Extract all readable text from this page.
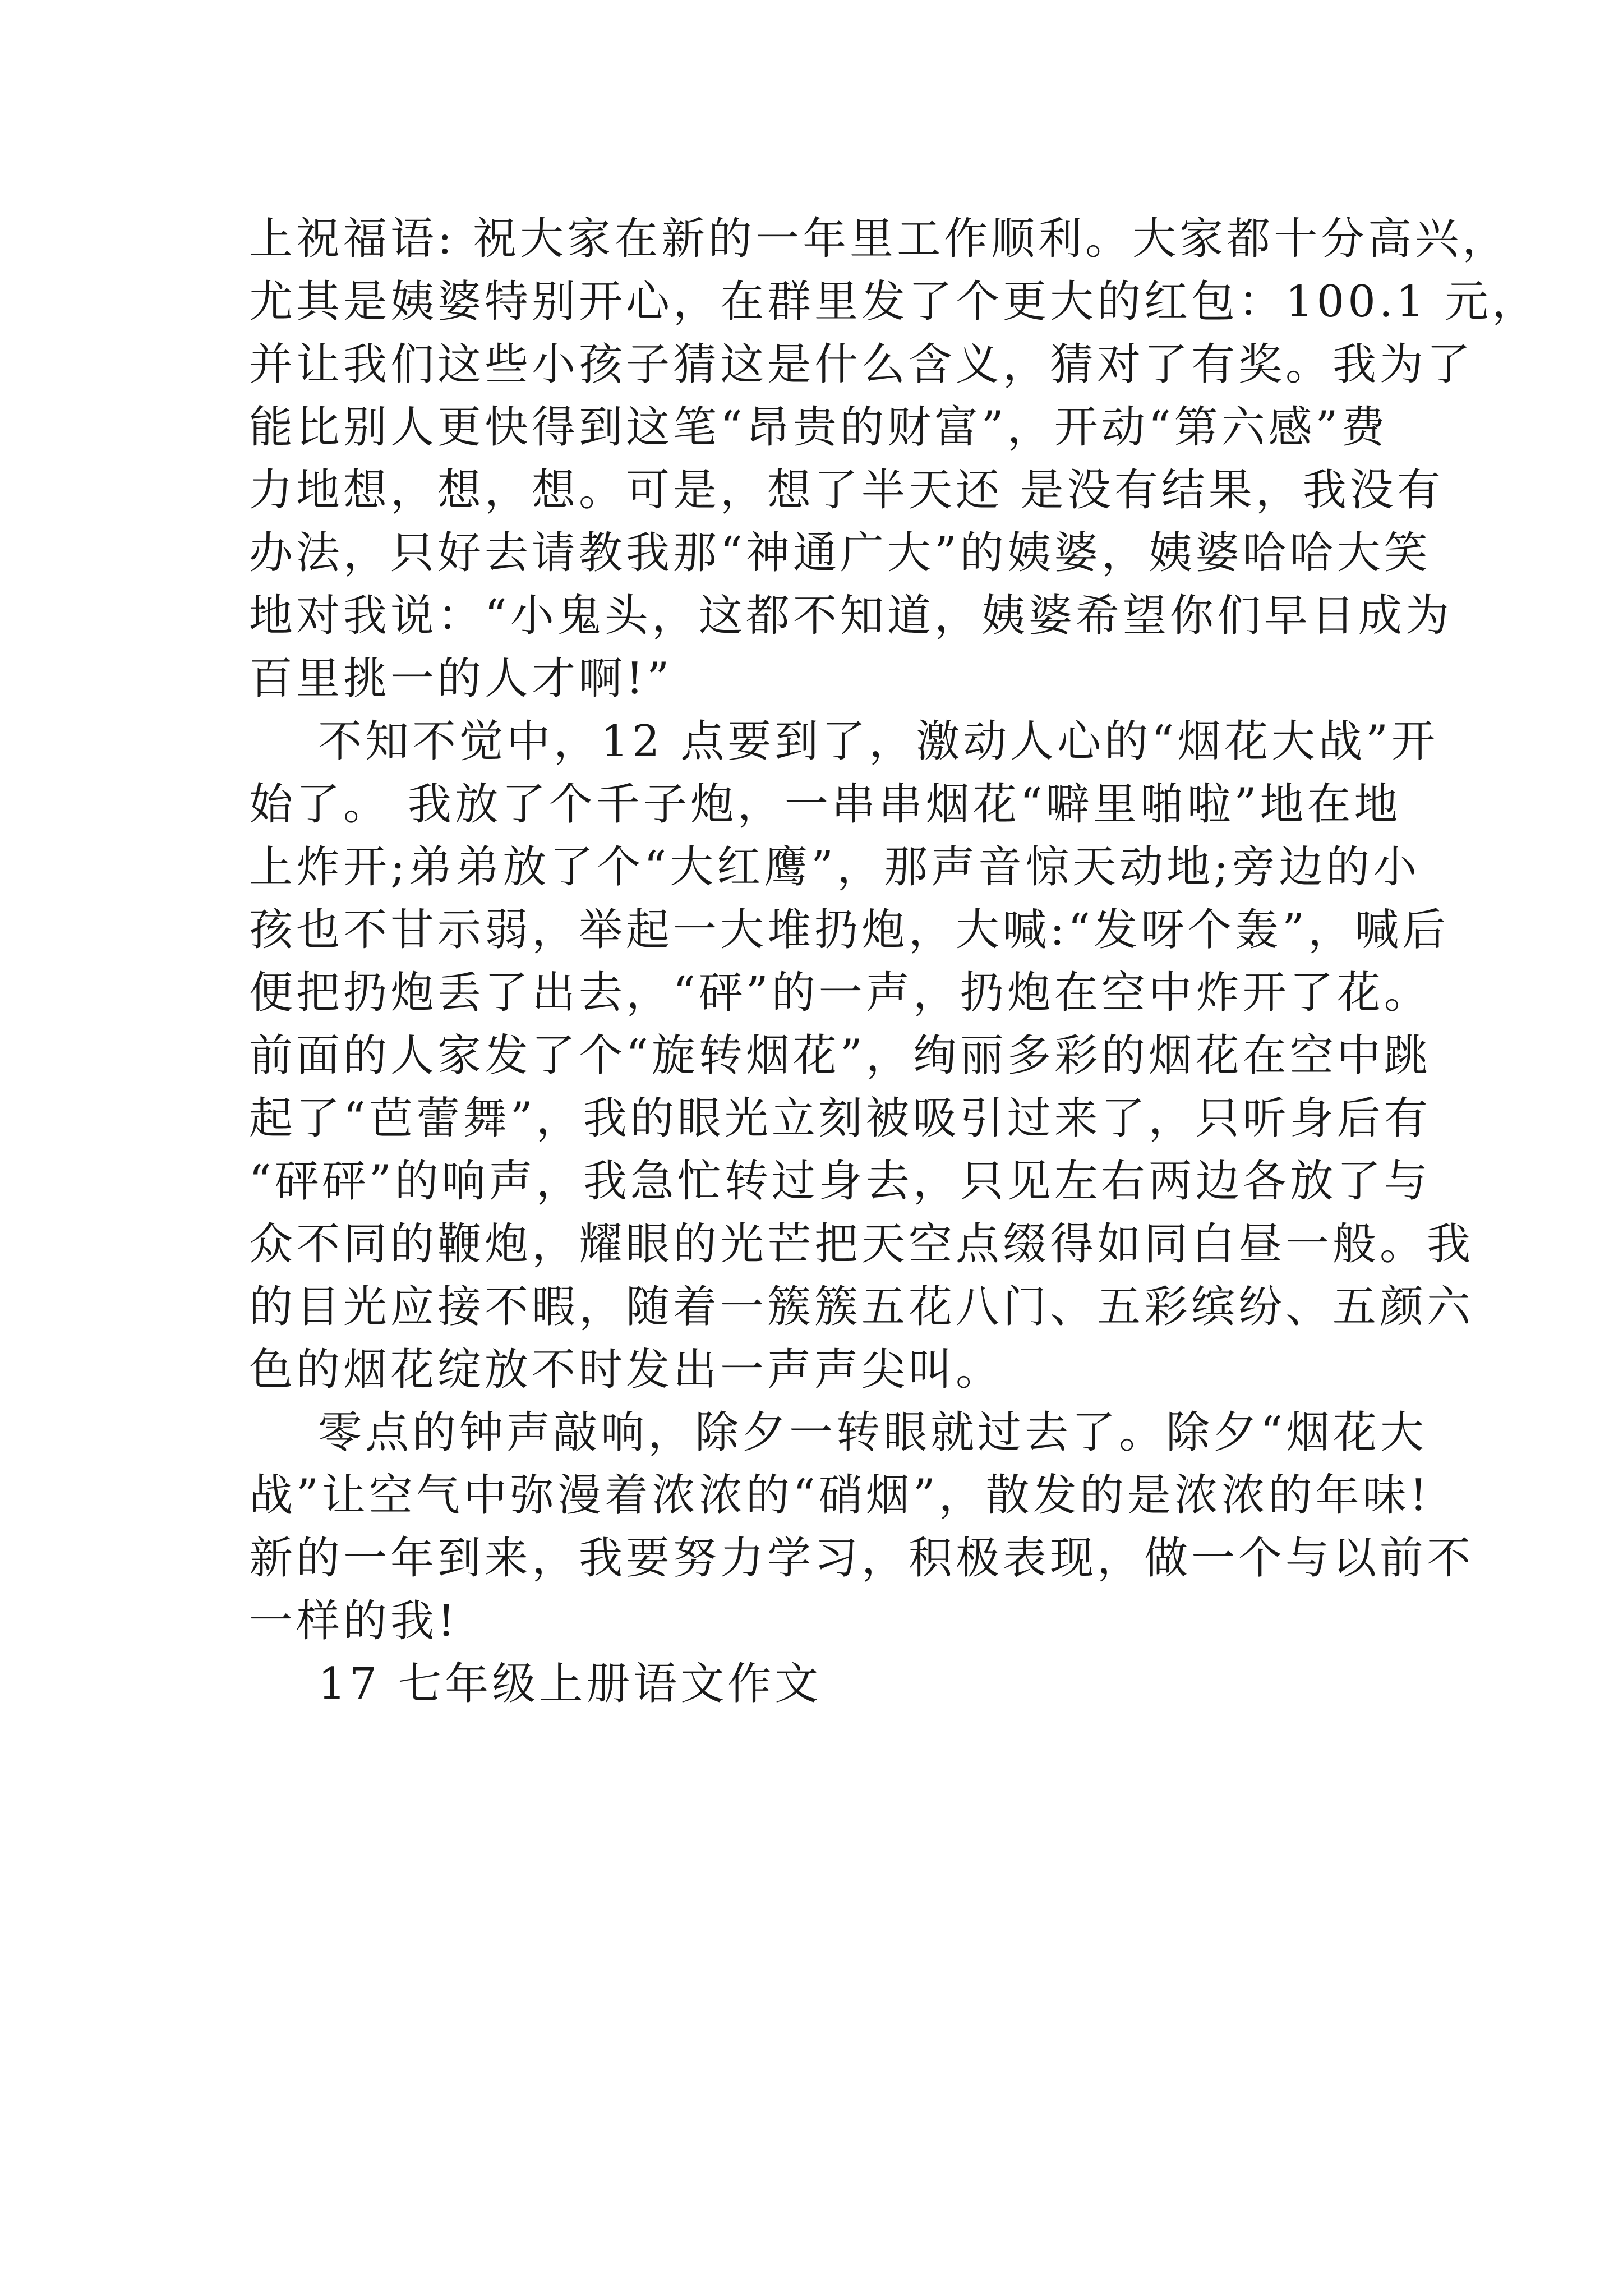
上祝福语: 祝大家在新的一年里工作顺利。大家都十分高兴，
尤其是姨婆特别开心，在群里发了个更大的红包：100.1 元，
并让我们这些小孩子猜这是什么含义，猜对了有奖。我为了
能比别人更快得到这笔“昂贵的财富”，开动“第六感”费
力地想，想，想。可是，想了半天还 是没有结果，我没有
办法，只好去请教我那“神通广大”的姨婆，姨婆哈哈大笑
地对我说：“小鬼头，这都不知道，姨婆希望你们早日成为
百里挑一的人才啊!”
不知不觉中，12 点要到了，激动人心的“烟花大战”开
始了。 我放了个千子炮，一串串烟花“噼里啪啦”地在地
上炸开;弟弟放了个“大红鹰”，那声音惊天动地;旁边的小
孩也不甘示弱，举起一大堆扔炮，大喊:“发呀个轰”，喊后
便把扔炮丢了出去，“砰”的一声，扔炮在空中炸开了花。
前面的人家发了个“旋转烟花”，绚丽多彩的烟花在空中跳
起了“芭蕾舞”，我的眼光立刻被吸引过来了，只听身后有
“砰砰”的响声，我急忙转过身去，只见左右两边各放了与
众不同的鞭炮，耀眼的光芒把天空点缀得如同白昼一般。我
的目光应接不暇，随着一簇簇五花八门、五彩缤纷、五颜六
色的烟花绽放不时发出一声声尖叫。
零点的钟声敲响，除夕一转眼就过去了。除夕“烟花大
战”让空气中弥漫着浓浓的“硝烟”，散发的是浓浓的年味!
新的一年到来，我要努力学习，积极表现，做一个与以前不
一样的我!
17 七年级上册语文作文
